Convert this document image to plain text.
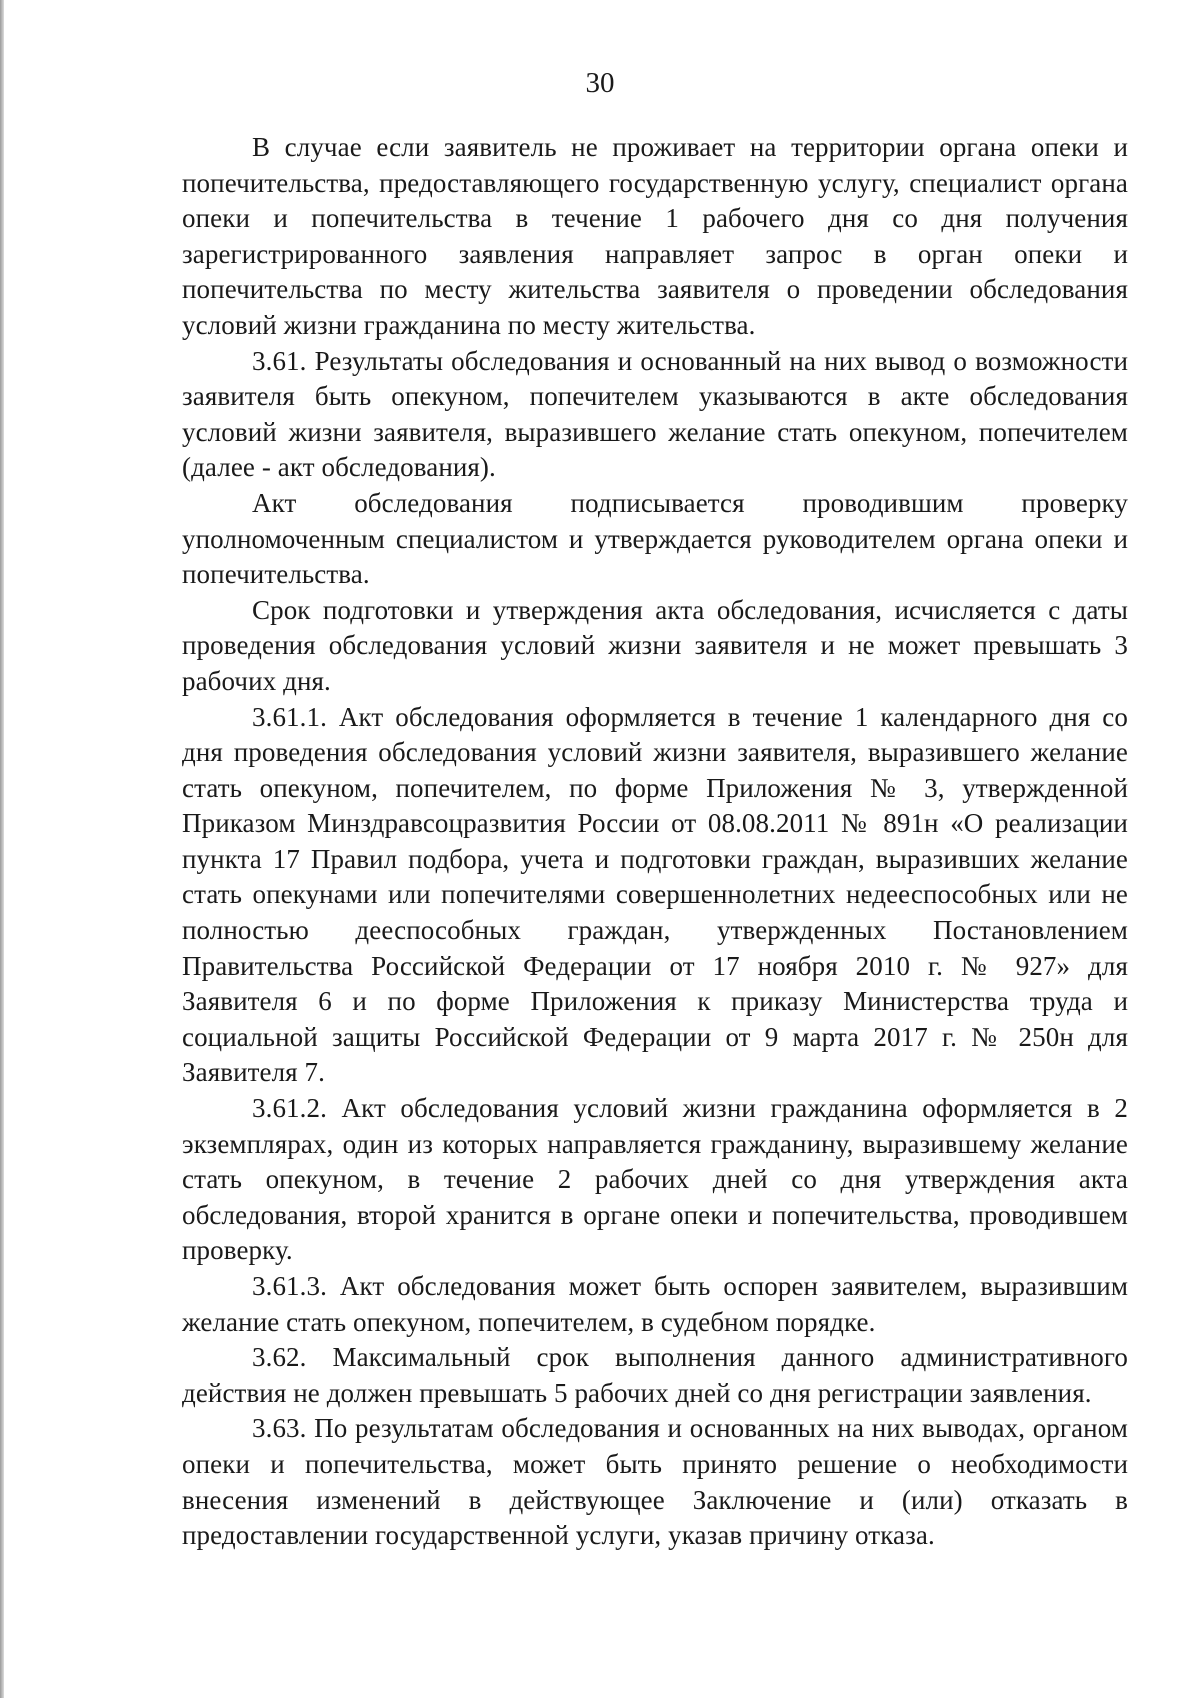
30

В случае если заявитель не проживает на территории органа опеки и попечительства, предоставляющего государственную услугу, специалист органа опеки и попечительства в течение 1 рабочего дня со дня получения зарегистрированного заявления направляет запрос в орган опеки и попечительства по месту жительства заявителя о проведении обследования условий жизни гражданина по месту жительства.

3.61. Результаты обследования и основанный на них вывод о возможности заявителя быть опекуном, попечителем указываются в акте обследования условий жизни заявителя, выразившего желание стать опекуном, попечителем (далее - акт обследования).

Акт обследования подписывается проводившим проверку уполномоченным специалистом и утверждается руководителем органа опеки и попечительства.

Срок подготовки и утверждения акта обследования, исчисляется с даты проведения обследования условий жизни заявителя и не может превышать 3 рабочих дня.

3.61.1. Акт обследования оформляется в течение 1 календарного дня со дня проведения обследования условий жизни заявителя, выразившего желание стать опекуном, попечителем, по форме Приложения № 3, утвержденной Приказом Минздравсоцразвития России от 08.08.2011 № 891н «О реализации пункта 17 Правил подбора, учета и подготовки граждан, выразивших желание стать опекунами или попечителями совершеннолетних недееспособных или не полностью дееспособных граждан, утвержденных Постановлением Правительства Российской Федерации от 17 ноября 2010 г. № 927» для Заявителя 6 и по форме Приложения к приказу Министерства труда и социальной защиты Российской Федерации от 9 марта 2017 г. № 250н для Заявителя 7.

3.61.2. Акт обследования условий жизни гражданина оформляется в 2 экземплярах, один из которых направляется гражданину, выразившему желание стать опекуном, в течение 2 рабочих дней со дня утверждения акта обследования, второй хранится в органе опеки и попечительства, проводившем проверку.

3.61.3. Акт обследования может быть оспорен заявителем, выразившим желание стать опекуном, попечителем, в судебном порядке.

3.62. Максимальный срок выполнения данного административного действия не должен превышать 5 рабочих дней со дня регистрации заявления.

3.63. По результатам обследования и основанных на них выводах, органом опеки и попечительства, может быть принято решение о необходимости внесения изменений в действующее Заключение и (или) отказать в предоставлении государственной услуги, указав причину отказа.
